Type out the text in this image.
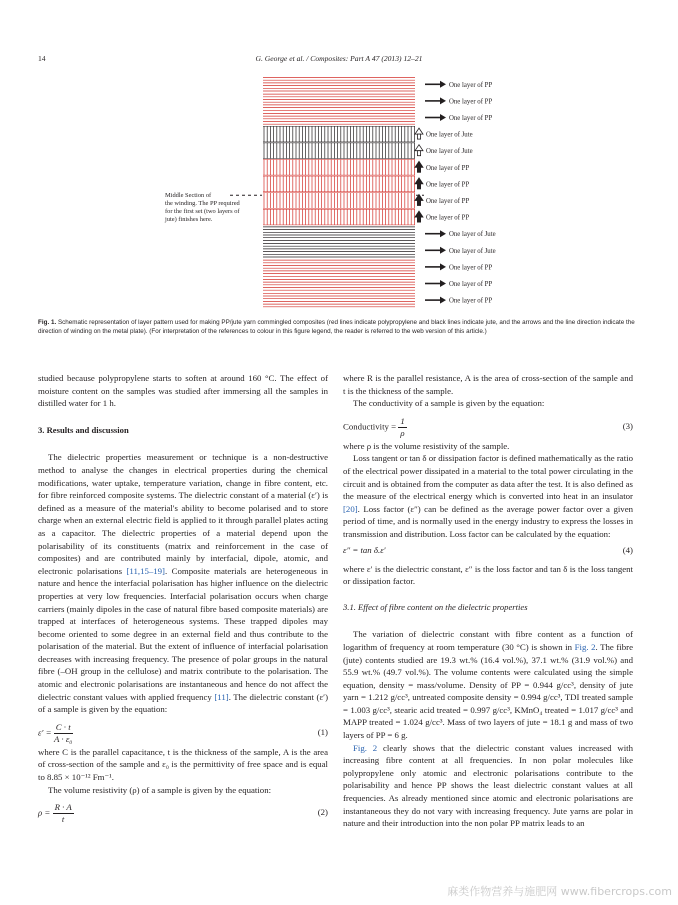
14	G. George et al. / Composites: Part A 47 (2013) 12–21
One layer of PP
One layer of PP
One layer of PP
One layer of Jute
One layer of Jute
One layer of PP
One layer of PP
One layer of PP
One layer of PP
One layer of Jute
One layer of Jute
One layer of PP
One layer of PP
One layer of PP
Middle Section of
the winding. The PP required
for the first set (two layers of
jute) finishes here.
Fig. 1. Schematic representation of layer pattern used for making PP/jute yarn commingled composites (red lines indicate polypropylene and black lines indicate jute, and the arrows and the line direction indicate the direction of winding on the metal plate). (For interpretation of the references to colour in this figure legend, the reader is referred to the web version of this article.)

studied because polypropylene starts to soften at around 160 °C. The effect of moisture content on the samples was studied after immersing all the samples in distilled water for 1 h.

3. Results and discussion

The dielectric properties measurement or technique is a non-destructive method to analyse the changes in electrical properties during the chemical modifications, water uptake, temperature variation, change in fibre content, etc. for fibre reinforced composite systems. The dielectric constant of a material (ε′) is defined as a measure of the material's ability to become polarised and to store charge when an external electric field is applied to it through parallel plates acting as a capacitor. The dielectric properties of a material depend upon the polarisability of its constituents (matrix and reinforcement in the case of composites) and are contributed mainly by interfacial, dipole, atomic, and electronic polarisations [11,15–19]. Composite materials are heterogeneous in nature and hence the interfacial polarisation has higher influence on the dielectric properties at very low frequencies. Interfacial polarisation occurs when charge carriers (mainly dipoles in the case of natural fibre based composite materials) are trapped at interfaces of heterogeneous systems. These trapped dipoles may become oriented to some degree in an external field and thus contribute to the polarisation of the material. But the extent of influence of interfacial polarisation decreases with increasing frequency. The presence of polar groups in the natural fibre (–OH group in the cellulose) and matrix contribute to the polarisation. The atomic and electronic polarisations are instantaneous and hence do not affect the dielectric constant values with applied frequency [11]. The dielectric constant (ε′) of a sample is given by the equation:

$\varepsilon' = \frac{C \cdot t}{\text{A · ε₀}}$	(1)

where C is the parallel capacitance, t is the thickness of the sample, A is the area of cross-section of the sample and ε₀ is the permittivity of free space and is equal to 8.85 × 10⁻¹² Fm⁻¹.

The volume resistivity (ρ) of a sample is given by the equation:

$\rho = \frac{R \cdot A}{t}$	(2)

where R is the parallel resistance, A is the area of cross-section of the sample and t is the thickness of the sample.

The conductivity of a sample is given by the equation:

Conductivity = $\frac{1}{\rho}$	(3)

where ρ is the volume resistivity of the sample.

Loss tangent or tan δ or dissipation factor is defined mathematically as the ratio of the electrical power dissipated in a material to the total power circulating in the circuit and is obtained from the computer as data after the test. It is also defined as the measure of the electrical energy which is converted into heat in an insulator [20]. Loss factor (ε″) can be defined as the average power factor over a given period of time, and is normally used in the energy industry to express the losses in transmission and distribution. Loss factor can be calculated by the equation:

ε″ = tan δ.ε′	(4)

where ε′ is the dielectric constant, ε″ is the loss factor and tan δ is the loss tangent or dissipation factor.

3.1. Effect of fibre content on the dielectric properties

The variation of dielectric constant with fibre content as a function of logarithm of frequency at room temperature (30 °C) is shown in Fig. 2. The fibre (jute) contents studied are 19.3 wt.% (16.4 vol.%), 37.1 wt.% (31.9 vol.%) and 55.9 wt.% (49.7 vol.%). The volume contents were calculated using the simple equation, density = mass/volume. Density of PP = 0.944 g/cc³, density of jute yarn = 1.212 g/cc³, untreated composite density = 0.994 g/cc³, TDI treated sample = 1.003 g/cc³, stearic acid treated = 0.997 g/cc³, KMnO₄ treated = 1.017 g/cc³ and MAPP treated = 1.024 g/cc³. Mass of two layers of jute = 18.1 g and mass of two layers of PP = 6 g.

Fig. 2 clearly shows that the dielectric constant values increased with increasing fibre content at all frequencies. In non polar molecules like polypropylene only atomic and electronic polarisations contribute to the polarisability and hence PP shows the least dielectric constant values at all frequencies. As already mentioned since atomic and electronic polarisations are instantaneous they do not vary with increasing frequency. Jute yarns are polar in nature and their introduction into the non polar PP matrix leads to an

麻类作物营养与施肥网 www.fibercrops.com
